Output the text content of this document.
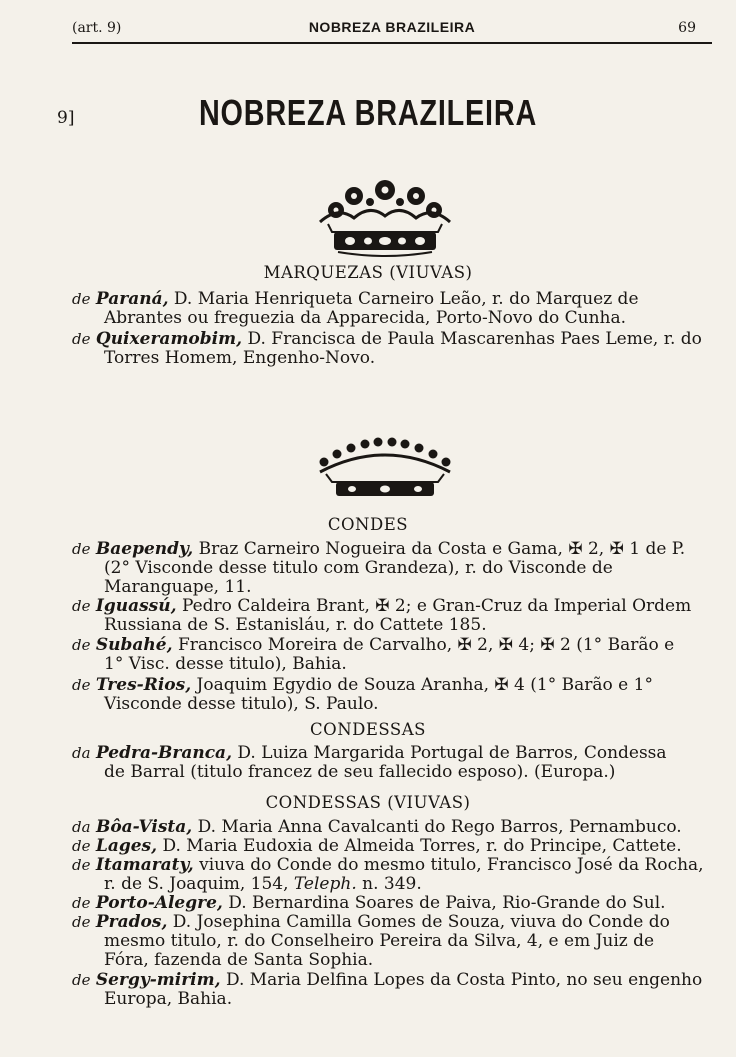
(art. 9)	NOBREZA BRAZILEIRA	69
9]	NOBREZA BRAZILEIRA
MARQUEZAS (VIUVAS)
de Paraná, D. Maria Henriqueta Carneiro Leão, r. do Marquez de
Abrantes ou freguezia da Apparecida, Porto-Novo do Cunha.
de Quixeramobim, D. Francisca de Paula Mascarenhas Paes Leme, r. do
Torres Homem, Engenho-Novo.
CONDES
de Baependy, Braz Carneiro Nogueira da Costa e Gama, ✠ 2, ✠ 1 de P.
(2° Visconde desse titulo com Grandeza), r. do Visconde de
Maranguape, 11.
de Iguassú, Pedro Caldeira Brant, ✠ 2; e Gran-Cruz da Imperial Ordem
Russiana de S. Estanisláu, r. do Cattete 185.
de Subahé, Francisco Moreira de Carvalho, ✠ 2, ✠ 4; ✠ 2 (1° Barão e
1° Visc. desse titulo), Bahia.
de Tres-Rios, Joaquim Egydio de Souza Aranha, ✠ 4 (1° Barão e 1°
Visconde desse titulo), S. Paulo.
CONDESSAS
da Pedra-Branca, D. Luiza Margarida Portugal de Barros, Condessa
de Barral (titulo francez de seu fallecido esposo). (Europa.)
CONDESSAS (VIUVAS)
da Bôa-Vista, D. Maria Anna Cavalcanti do Rego Barros, Pernambuco.
de Lages, D. Maria Eudoxia de Almeida Torres, r. do Principe, Cattete.
de Itamaraty, viuva do Conde do mesmo titulo, Francisco José da Rocha,
r. de S. Joaquim, 154, Teleph. n. 349.
de Porto-Alegre, D. Bernardina Soares de Paiva, Rio-Grande do Sul.
de Prados, D. Josephina Camilla Gomes de Souza, viuva do Conde do
mesmo titulo, r. do Conselheiro Pereira da Silva, 4, e em Juiz de
Fóra, fazenda de Santa Sophia.
de Sergy-mirim, D. Maria Delfina Lopes da Costa Pinto, no seu engenho
Europa, Bahia.
